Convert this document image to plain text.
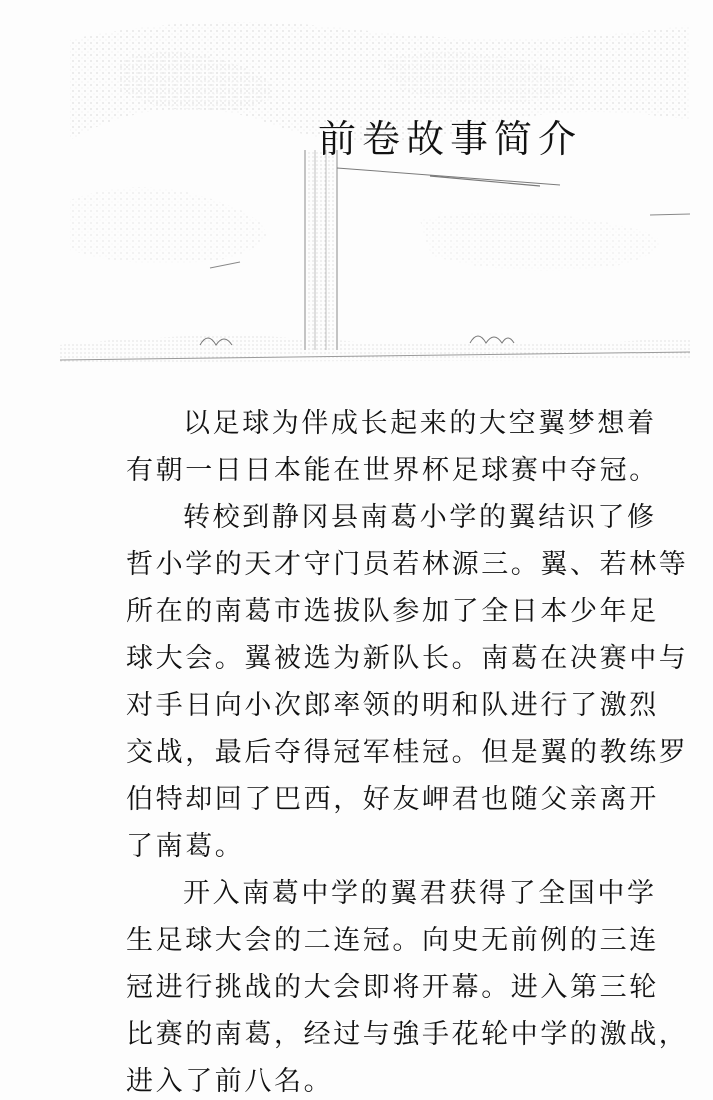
前卷故事简介
以足球为伴成长起来的大空翼梦想着
有朝一日日本能在世界杯足球赛中夺冠。
转校到静冈县南葛小学的翼结识了修
哲小学的天才守门员若林源三。翼、若林等
所在的南葛市选拔队参加了全日本少年足
球大会。翼被选为新队长。南葛在决赛中与
对手日向小次郎率领的明和队进行了激烈
交战，最后夺得冠军桂冠。但是翼的教练罗
伯特却回了巴西，好友岬君也随父亲离开
了南葛。
开入南葛中学的翼君获得了全国中学
生足球大会的二连冠。向史无前例的三连
冠进行挑战的大会即将开幕。进入第三轮
比赛的南葛，经过与強手花轮中学的激战，
进入了前八名。
